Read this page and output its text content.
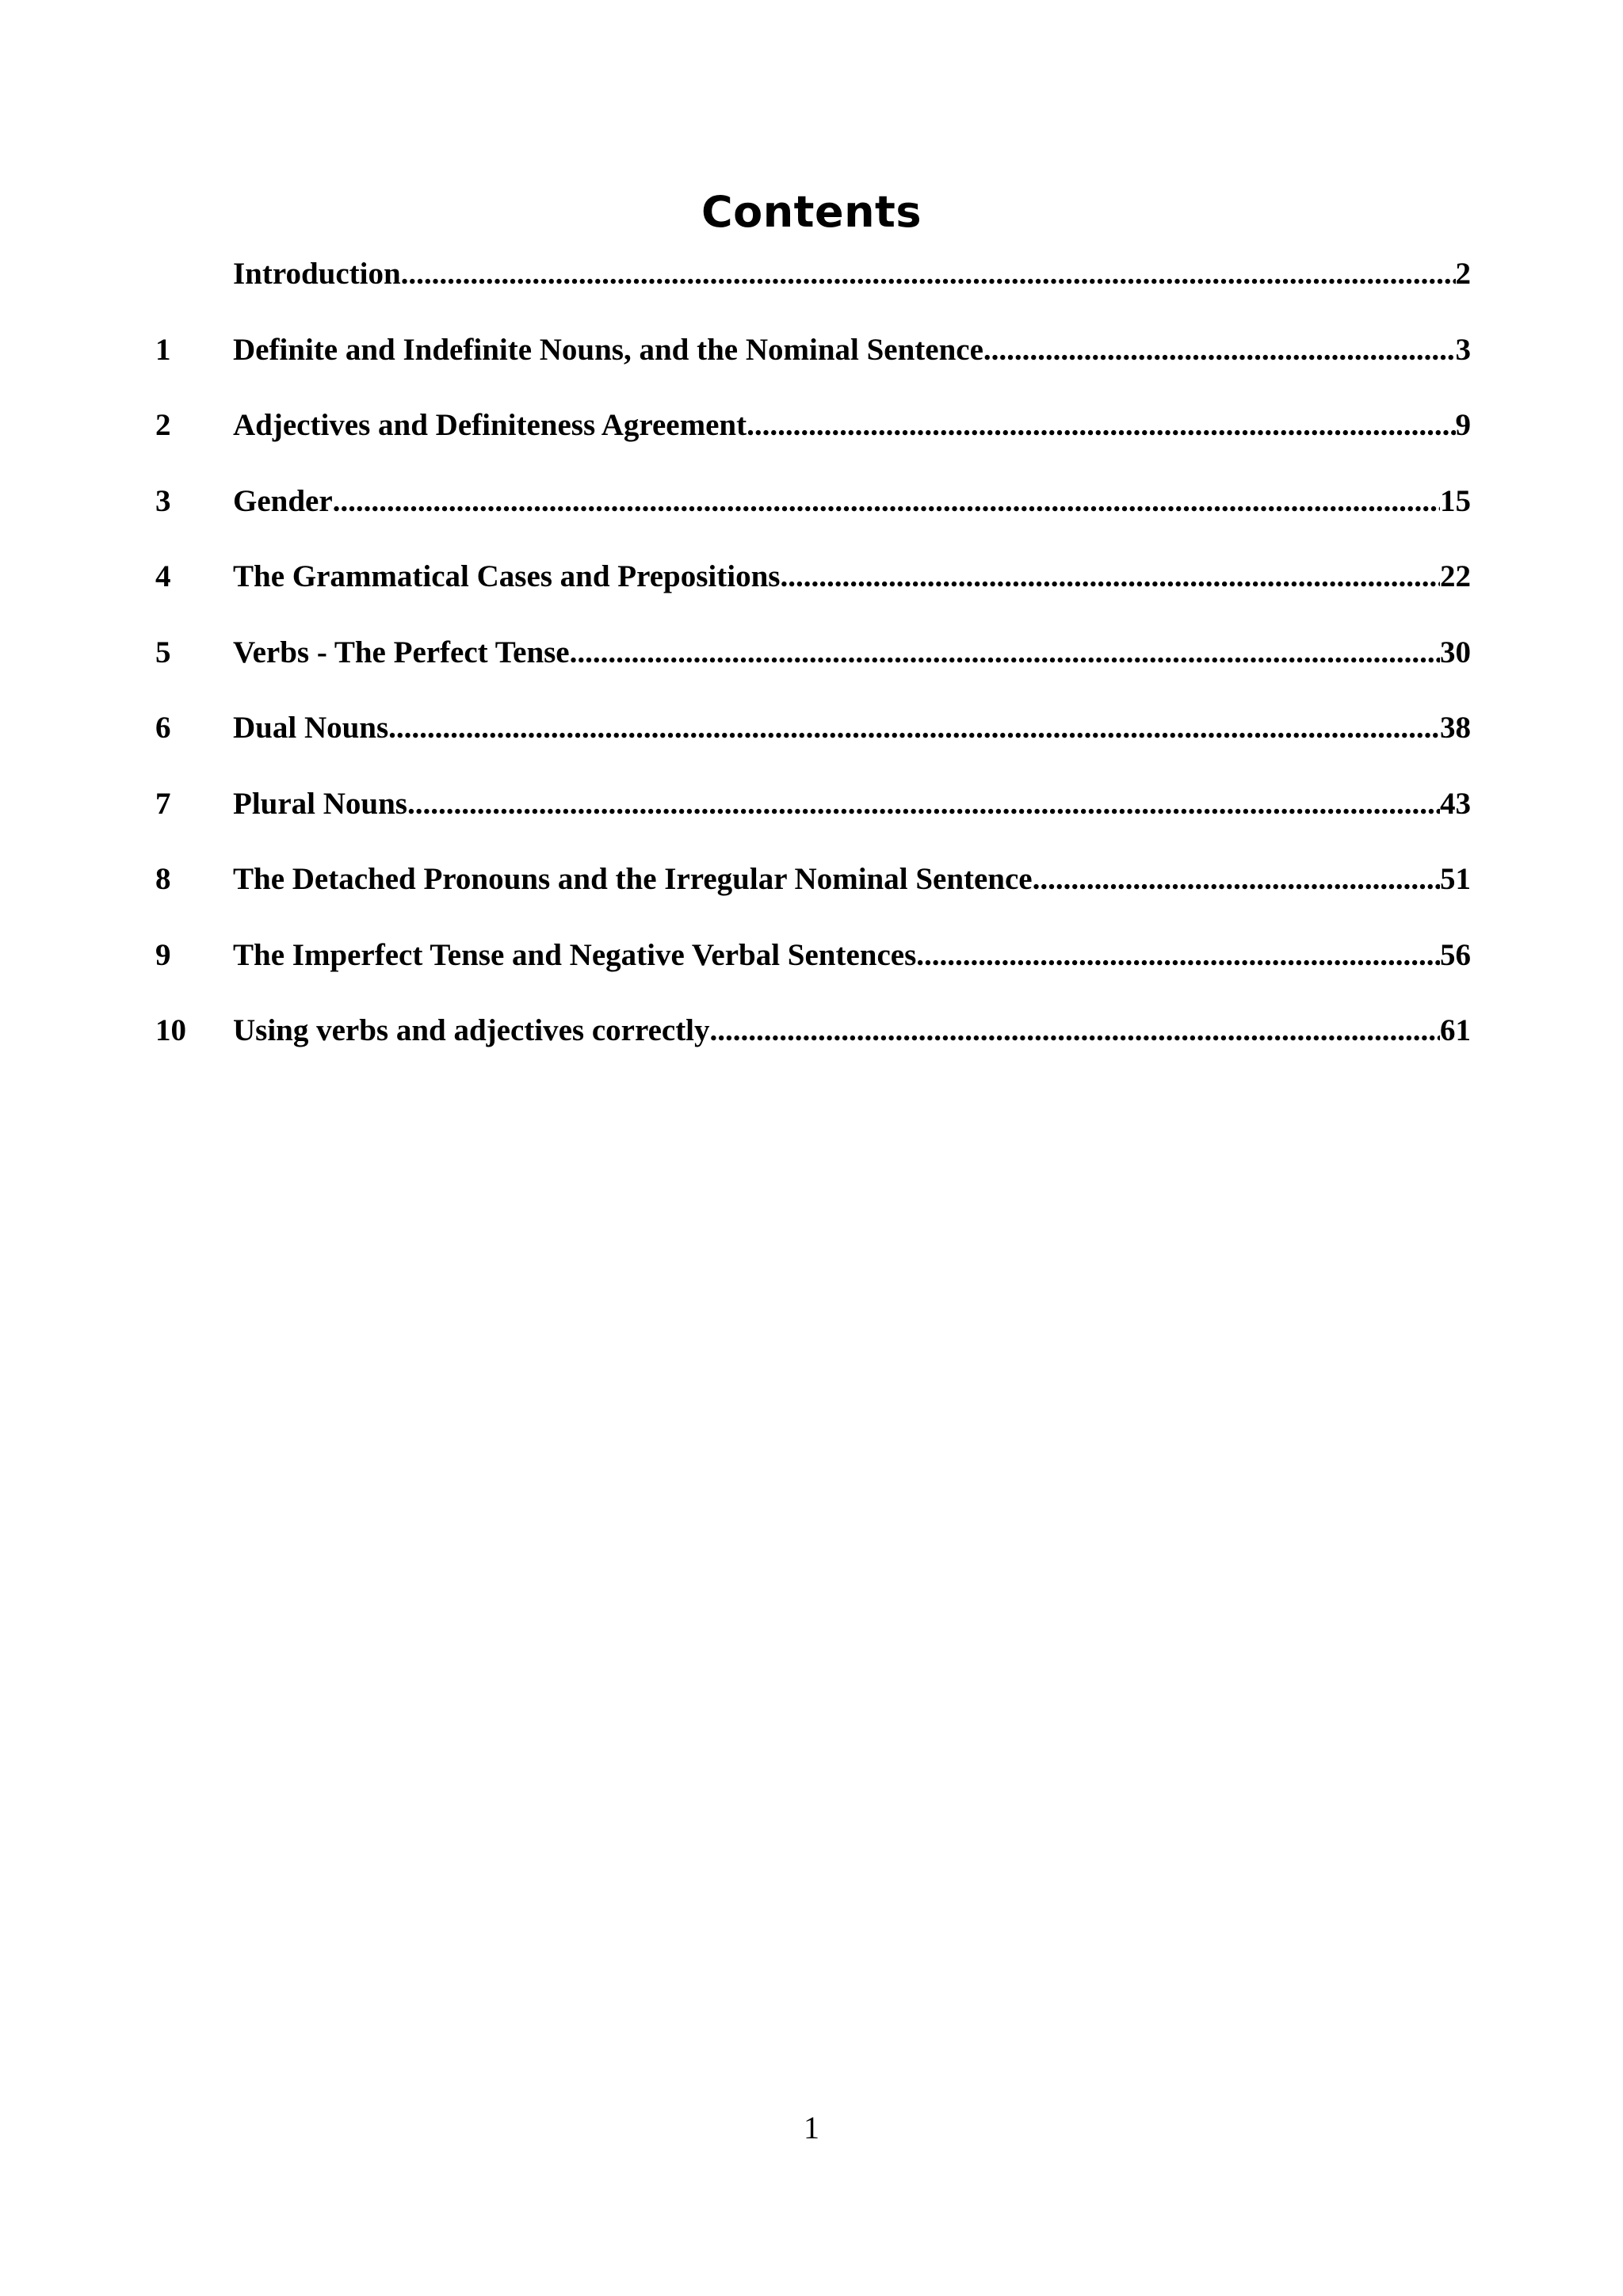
Contents
Introduction .....	2
1	Definite and Indefinite Nouns, and the Nominal Sentence .....	3
2	Adjectives and Definiteness Agreement .....	9
3	Gender .....	15
4	The Grammatical Cases and Prepositions .....	22
5	Verbs - The Perfect Tense .....	30
6	Dual Nouns .....	38
7	Plural Nouns .....	43
8	The Detached Pronouns and the Irregular Nominal Sentence .....	51
9	The Imperfect Tense and Negative Verbal Sentences .....	56
10	Using verbs and adjectives correctly .....	61
1
